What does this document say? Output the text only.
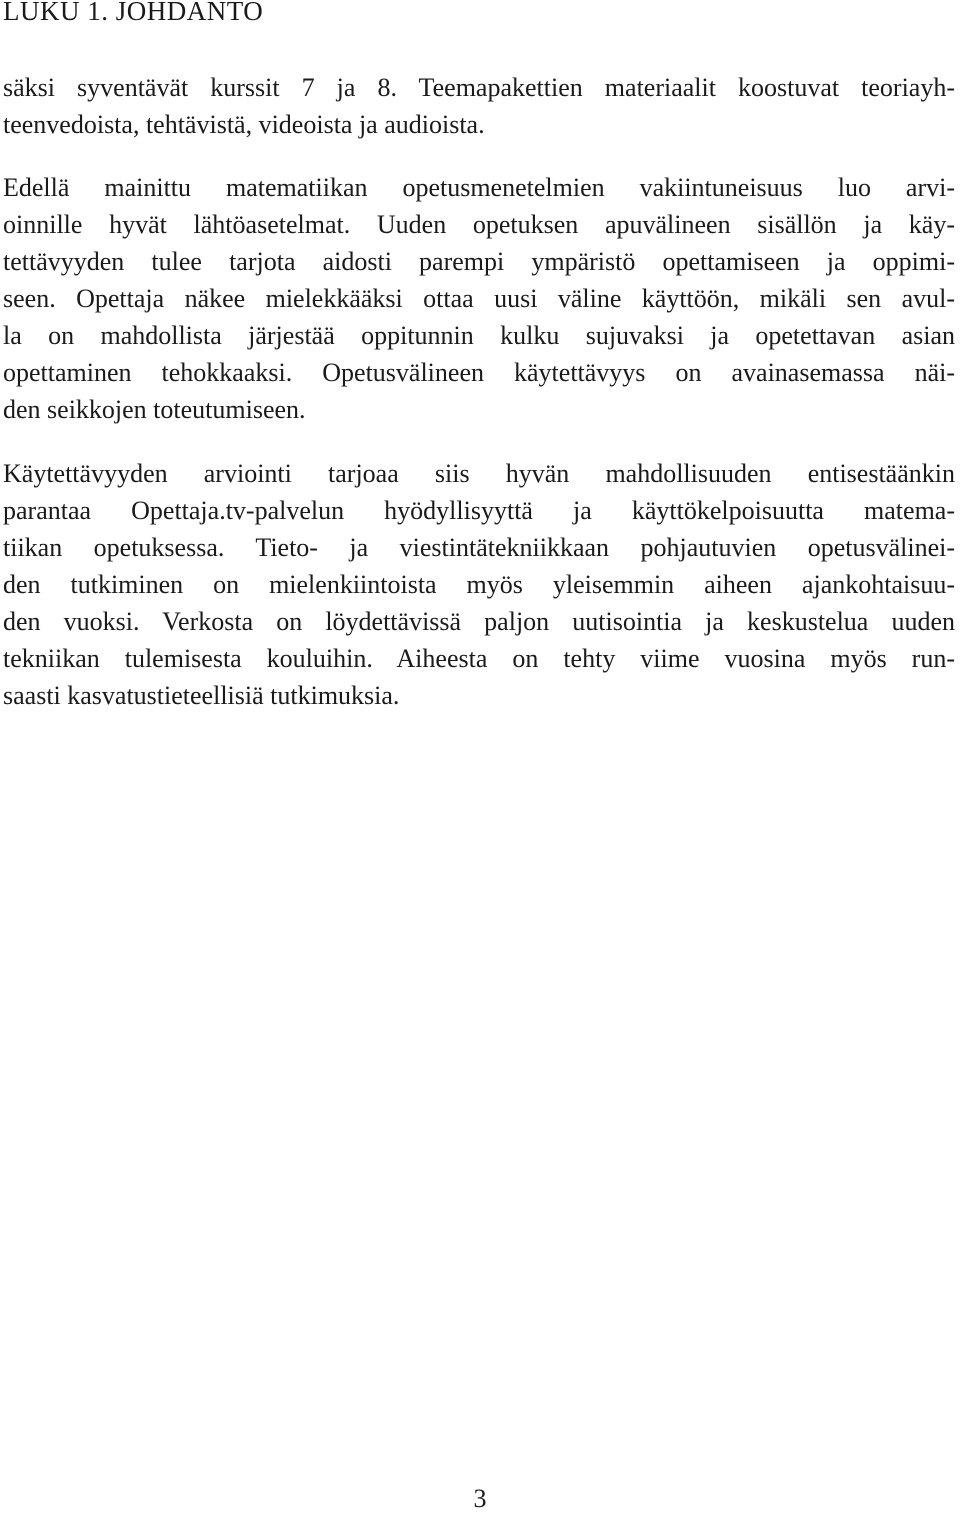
LUKU 1. JOHDANTO
säksi syventävät kurssit 7 ja 8. Teemapakettien materiaalit koostuvat teoriayh-
teenvedoista, tehtävistä, videoista ja audioista.
Edellä mainittu matematiikan opetusmenetelmien vakiintuneisuus luo arvi-
oinnille hyvät lähtöasetelmat. Uuden opetuksen apuvälineen sisällön ja käy-
tettävyyden tulee tarjota aidosti parempi ympäristö opettamiseen ja oppimi-
seen. Opettaja näkee mielekkääksi ottaa uusi väline käyttöön, mikäli sen avul-
la on mahdollista järjestää oppitunnin kulku sujuvaksi ja opetettavan asian
opettaminen tehokkaaksi. Opetusvälineen käytettävyys on avainasemassa näi-
den seikkojen toteutumiseen.
Käytettävyyden arviointi tarjoaa siis hyvän mahdollisuuden entisestäänkin
parantaa Opettaja.tv-palvelun hyödyllisyyttä ja käyttökelpoisuutta matema-
tiikan opetuksessa. Tieto- ja viestintätekniikkaan pohjautuvien opetusvälinei-
den tutkiminen on mielenkiintoista myös yleisemmin aiheen ajankohtaisuu-
den vuoksi. Verkosta on löydettävissä paljon uutisointia ja keskustelua uuden
tekniikan tulemisesta kouluihin. Aiheesta on tehty viime vuosina myös run-
saasti kasvatustieteellisiä tutkimuksia.
3
